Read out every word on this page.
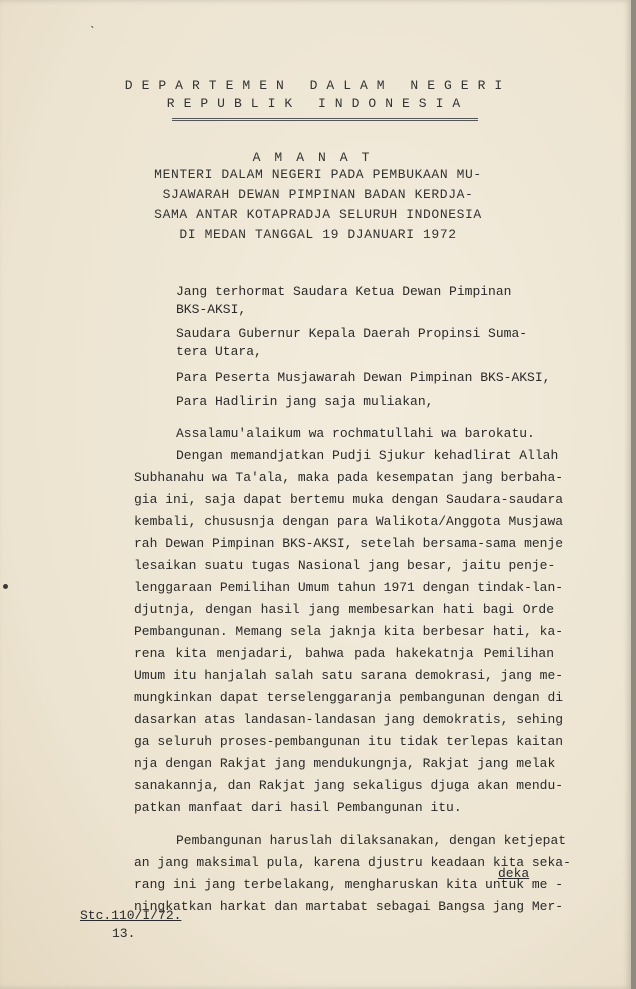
ˎ
DEPARTEMEN DALAM NEGERI
REPUBLIK INDONESIA
AMANAT
MENTERI DALAM NEGERI PADA PEMBUKAAN MU-
SJAWARAH DEWAN PIMPINAN BADAN KERDJA-
SAMA ANTAR KOTAPRADJA SELURUH INDONESIA
DI MEDAN TANGGAL 19 DJANUARI 1972
Jang terhormat Saudara Ketua Dewan Pimpinan
BKS-AKSI,
Saudara Gubernur Kepala Daerah Propinsi Suma-
tera Utara,
Para Peserta Musjawarah Dewan Pimpinan BKS-AKSI,
Para Hadlirin jang saja muliakan,
Assalamu'alaikum wa rochmatullahi wa barokatu.
Dengan memandjatkan Pudji Sjukur kehadlirat Allah
Subhanahu wa Ta'ala, maka pada kesempatan jang berbaha-
gia ini, saja dapat bertemu muka dengan Saudara-saudara
kembali, chususnja dengan para Walikota/Anggota Musjawa
rah Dewan Pimpinan BKS-AKSI, setelah bersama-sama menje
lesaikan suatu tugas Nasional jang besar, jaitu penje-
lenggaraan Pemilihan Umum tahun 1971 dengan tindak-lan-
djutnja, dengan hasil jang membesarkan hati bagi Orde
Pembangunan. Memang sela jaknja kita berbesar hati, ka-
rena kita menjadari, bahwa pada hakekatnja Pemilihan
Umum itu hanjalah salah satu sarana demokrasi, jang me-
mungkinkan dapat terselenggaranja pembangunan dengan di
dasarkan atas landasan-landasan jang demokratis, sehing
ga seluruh proses-pembangunan itu tidak terlepas kaitan
nja dengan Rakjat jang mendukungnja, Rakjat jang melak
sanakannja, dan Rakjat jang sekaligus djuga akan mendu-
patkan manfaat dari hasil Pembangunan itu.
Pembangunan haruslah dilaksanakan, dengan ketjepat
an jang maksimal pula, karena djustru keadaan kita seka-
rang ini jang terbelakang, mengharuskan kita untuk me -
ningkatkan harkat dan martabat sebagai Bangsa jang Mer-
deka
Stc.110/I/72.
13.
